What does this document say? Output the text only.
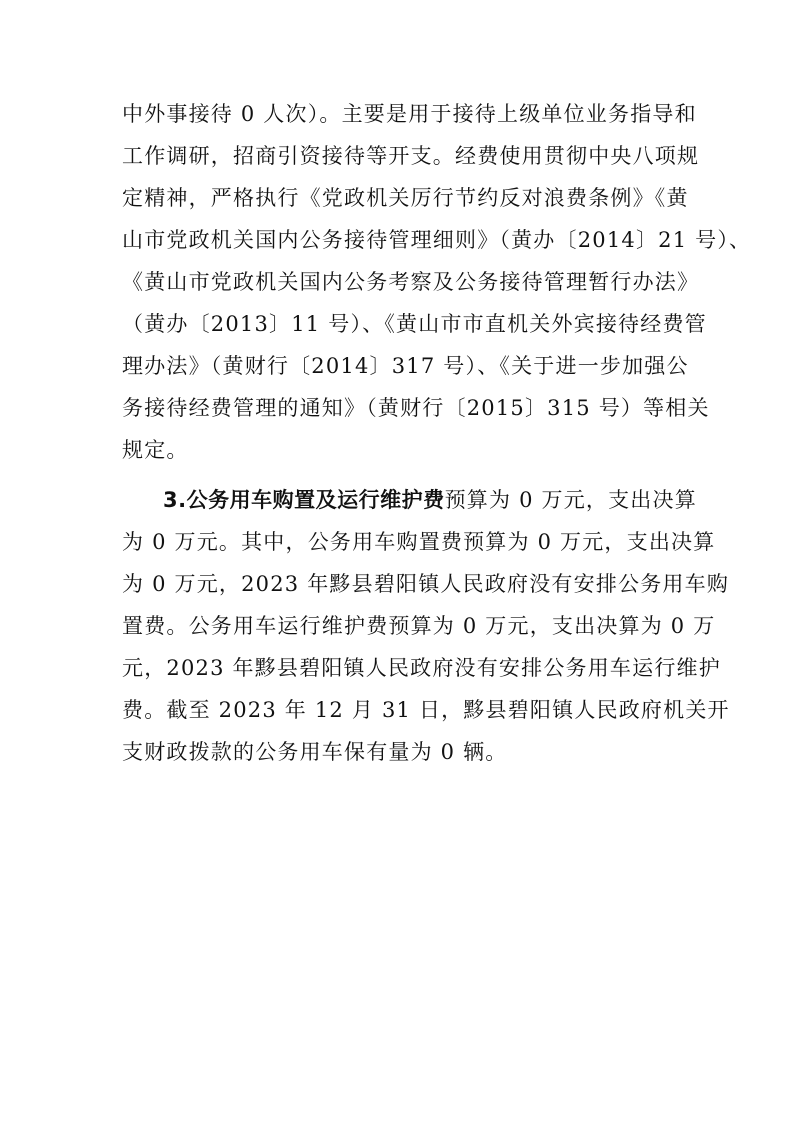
中外事接待 0 人次）。主要是用于接待上级单位业务指导和
工作调研，招商引资接待等开支。经费使用贯彻中央八项规
定精神，严格执行《党政机关厉行节约反对浪费条例》《黄
山市党政机关国内公务接待管理细则》（黄办〔2014〕21 号）、
《黄山市党政机关国内公务考察及公务接待管理暂行办法》
（黄办〔2013〕11 号）、《黄山市市直机关外宾接待经费管
理办法》（黄财行〔2014〕317 号）、《关于进一步加强公
务接待经费管理的通知》（黄财行〔2015〕315 号）等相关
规定。
3.公务用车购置及运行维护费预算为 0 万元，支出决算
为 0 万元。其中，公务用车购置费预算为 0 万元，支出决算
为 0 万元，2023 年黟县碧阳镇人民政府没有安排公务用车购
置费。公务用车运行维护费预算为 0 万元，支出决算为 0 万
元，2023 年黟县碧阳镇人民政府没有安排公务用车运行维护
费。截至 2023 年 12 月 31 日，黟县碧阳镇人民政府机关开
支财政拨款的公务用车保有量为 0 辆。
